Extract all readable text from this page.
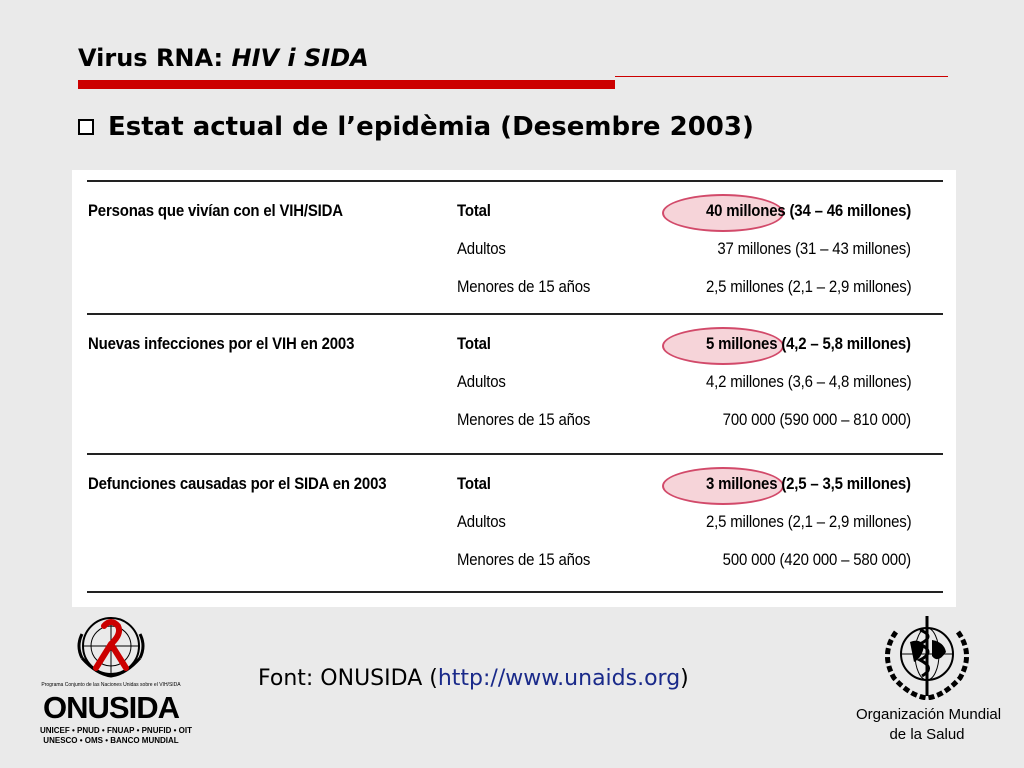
Virus RNA: HIV i SIDA
Estat actual de l’epidèmia (Desembre 2003)
Personas que vivían con el VIH/SIDA	Total	40 millones (34 – 46 millones)
Adultos	37 millones (31 – 43 millones)
Menores de 15 años	2,5 millones (2,1 – 2,9 millones)
Nuevas infecciones por el VIH en 2003	Total	5 millones (4,2 – 5,8 millones)
Adultos	4,2 millones (3,6 – 4,8 millones)
Menores de 15 años	700 000 (590 000 – 810 000)
Defunciones causadas por el SIDA en 2003	Total	3 millones (2,5 – 3,5 millones)
Adultos	2,5 millones (2,1 – 2,9 millones)
Menores de 15 años	500 000 (420 000 – 580 000)
Font: ONUSIDA (http://www.unaids.org)
Programa Conjunto de las Naciones Unidas sobre el VIH/SIDA
ONUSIDA
UNICEF • PNUD • FNUAP • PNUFID • OIT
UNESCO • OMS • BANCO MUNDIAL
Organización Mundial
de la Salud
